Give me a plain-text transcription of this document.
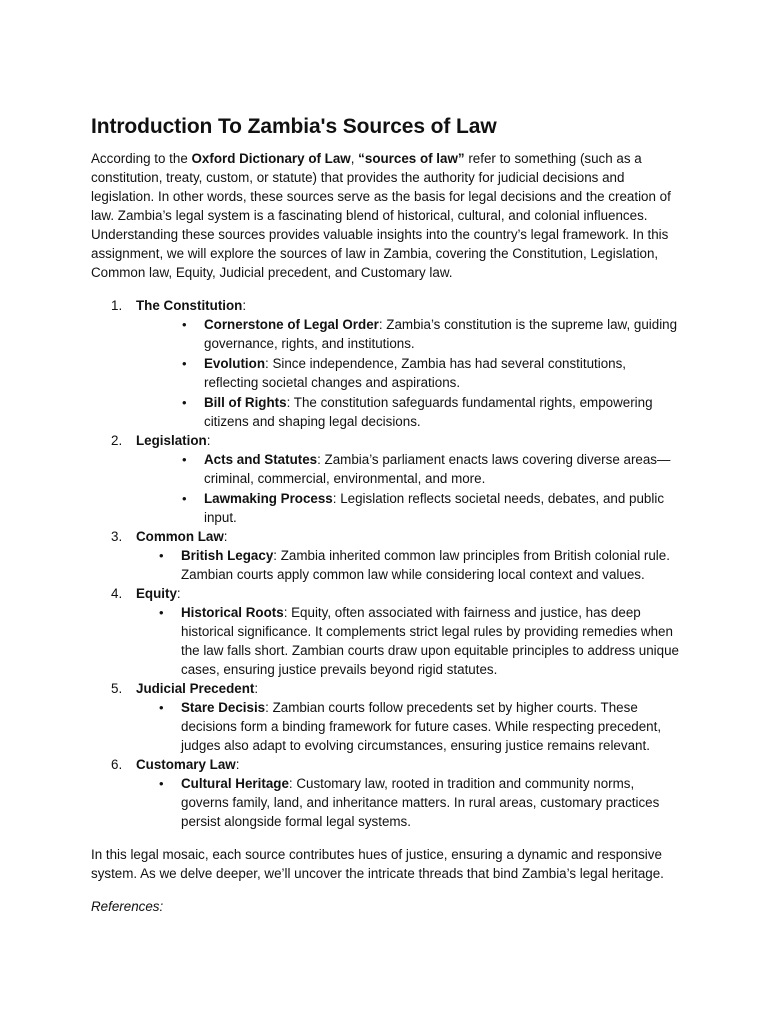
Introduction To Zambia's Sources of Law

According to the Oxford Dictionary of Law, “sources of law” refer to something (such as a constitution, treaty, custom, or statute) that provides the authority for judicial decisions and legislation. In other words, these sources serve as the basis for legal decisions and the creation of law. Zambia’s legal system is a fascinating blend of historical, cultural, and colonial influences. Understanding these sources provides valuable insights into the country’s legal framework. In this assignment, we will explore the sources of law in Zambia, covering the Constitution, Legislation, Common law, Equity, Judicial precedent, and Customary law.

1. The Constitution:
• Cornerstone of Legal Order: Zambia’s constitution is the supreme law, guiding governance, rights, and institutions.
• Evolution: Since independence, Zambia has had several constitutions, reflecting societal changes and aspirations.
• Bill of Rights: The constitution safeguards fundamental rights, empowering citizens and shaping legal decisions.
2. Legislation:
• Acts and Statutes: Zambia’s parliament enacts laws covering diverse areas—criminal, commercial, environmental, and more.
• Lawmaking Process: Legislation reflects societal needs, debates, and public input.
3. Common Law:
• British Legacy: Zambia inherited common law principles from British colonial rule. Zambian courts apply common law while considering local context and values.
4. Equity:
• Historical Roots: Equity, often associated with fairness and justice, has deep historical significance. It complements strict legal rules by providing remedies when the law falls short. Zambian courts draw upon equitable principles to address unique cases, ensuring justice prevails beyond rigid statutes.
5. Judicial Precedent:
• Stare Decisis: Zambian courts follow precedents set by higher courts. These decisions form a binding framework for future cases. While respecting precedent, judges also adapt to evolving circumstances, ensuring justice remains relevant.
6. Customary Law:
• Cultural Heritage: Customary law, rooted in tradition and community norms, governs family, land, and inheritance matters. In rural areas, customary practices persist alongside formal legal systems.

In this legal mosaic, each source contributes hues of justice, ensuring a dynamic and responsive system. As we delve deeper, we’ll uncover the intricate threads that bind Zambia’s legal heritage.

References:
